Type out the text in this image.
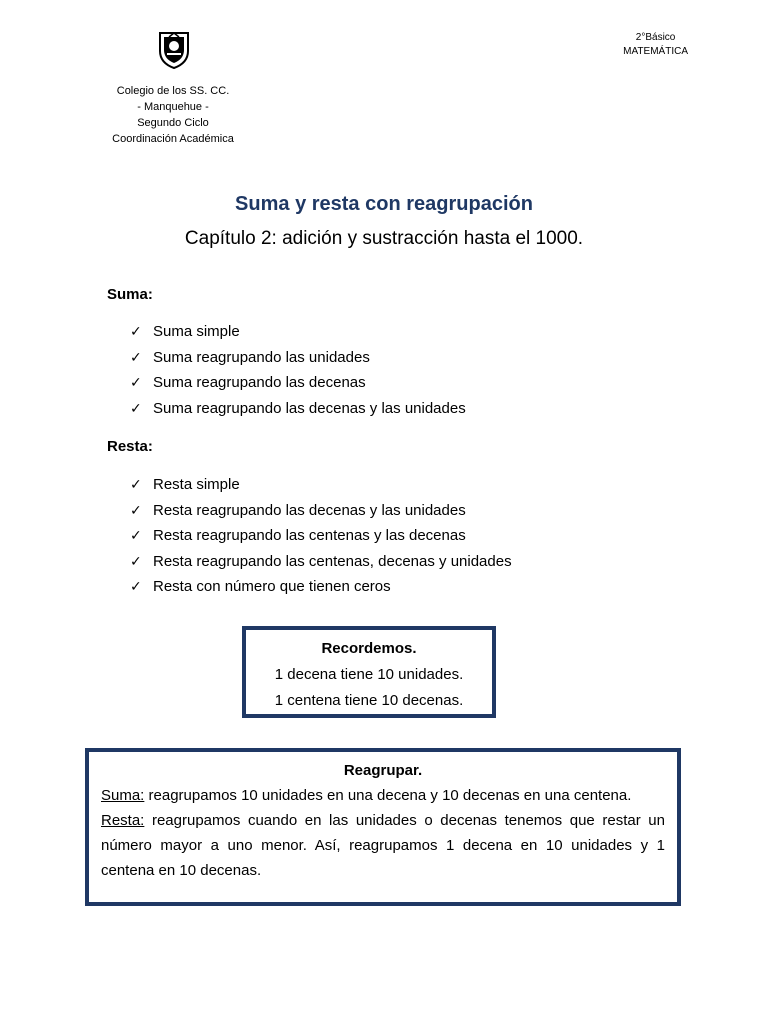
2°Básico
MATEMÁTICA
Colegio de los SS. CC.
- Manquehue -
Segundo Ciclo
Coordinación Académica
Suma y resta con reagrupación
Capítulo 2: adición y sustracción hasta el 1000.
Suma:
✓ Suma simple
✓ Suma reagrupando las unidades
✓ Suma reagrupando las decenas
✓ Suma reagrupando las decenas y las unidades
Resta:
✓ Resta simple
✓ Resta reagrupando las decenas y las unidades
✓ Resta reagrupando las centenas y las decenas
✓ Resta reagrupando las centenas, decenas y unidades
✓ Resta con número que tienen ceros
Recordemos.
1 decena tiene 10 unidades.
1 centena tiene 10 decenas.
Reagrupar.

Suma: reagrupamos 10 unidades en una decena y 10 decenas en una centena.

Resta: reagrupamos cuando en las unidades o decenas tenemos que restar un número mayor a uno menor. Así, reagrupamos 1 decena en 10 unidades y 1 centena en 10 decenas.
